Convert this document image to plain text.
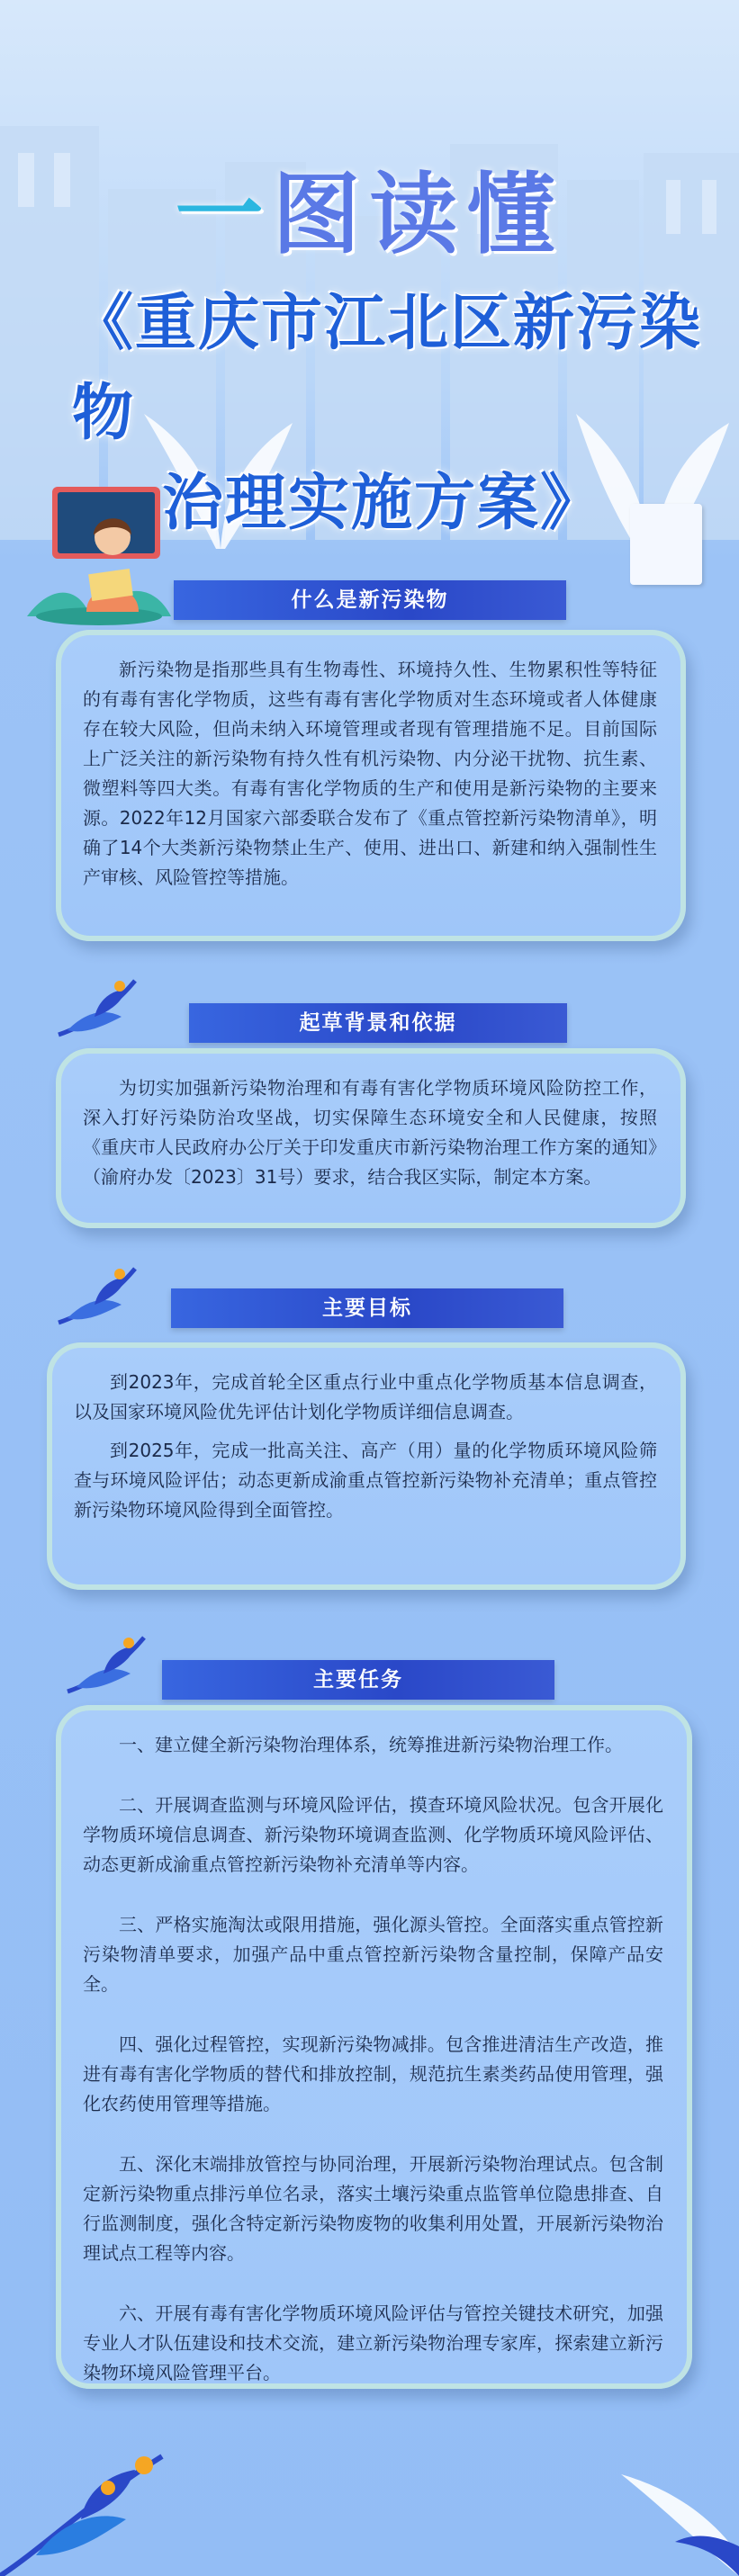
一图读懂
《重庆市江北区新污染物
治理实施方案》
什么是新污染物

新污染物是指那些具有生物毒性、环境持久性、生物累积性等特征的有毒有害化学物质，这些有毒有害化学物质对生态环境或者人体健康存在较大风险，但尚未纳入环境管理或者现有管理措施不足。目前国际上广泛关注的新污染物有持久性有机污染物、内分泌干扰物、抗生素、微塑料等四大类。有毒有害化学物质的生产和使用是新污染物的主要来源。2022年12月国家六部委联合发布了《重点管控新污染物清单》，明确了14个大类新污染物禁止生产、使用、进出口、新建和纳入强制性生产审核、风险管控等措施。

起草背景和依据

为切实加强新污染物治理和有毒有害化学物质环境风险防控工作，深入打好污染防治攻坚战，切实保障生态环境安全和人民健康，按照《重庆市人民政府办公厅关于印发重庆市新污染物治理工作方案的通知》（渝府办发〔2023〕31号）要求，结合我区实际，制定本方案。

主要目标

到2023年，完成首轮全区重点行业中重点化学物质基本信息调查，以及国家环境风险优先评估计划化学物质详细信息调查。

到2025年，完成一批高关注、高产（用）量的化学物质环境风险筛查与环境风险评估；动态更新成渝重点管控新污染物补充清单；重点管控新污染物环境风险得到全面管控。

主要任务

一、建立健全新污染物治理体系，统筹推进新污染物治理工作。

二、开展调查监测与环境风险评估，摸查环境风险状况。包含开展化学物质环境信息调查、新污染物环境调查监测、化学物质环境风险评估、动态更新成渝重点管控新污染物补充清单等内容。

三、严格实施淘汰或限用措施，强化源头管控。全面落实重点管控新污染物清单要求，加强产品中重点管控新污染物含量控制，保障产品安全。

四、强化过程管控，实现新污染物减排。包含推进清洁生产改造，推进有毒有害化学物质的替代和排放控制，规范抗生素类药品使用管理，强化农药使用管理等措施。

五、深化末端排放管控与协同治理，开展新污染物治理试点。包含制定新污染物重点排污单位名录，落实土壤污染重点监管单位隐患排查、自行监测制度，强化含特定新污染物废物的收集利用处置，开展新污染物治理试点工程等内容。

六、开展有毒有害化学物质环境风险评估与管控关键技术研究，加强专业人才队伍建设和技术交流，建立新污染物治理专家库，探索建立新污染物环境风险管理平台。
